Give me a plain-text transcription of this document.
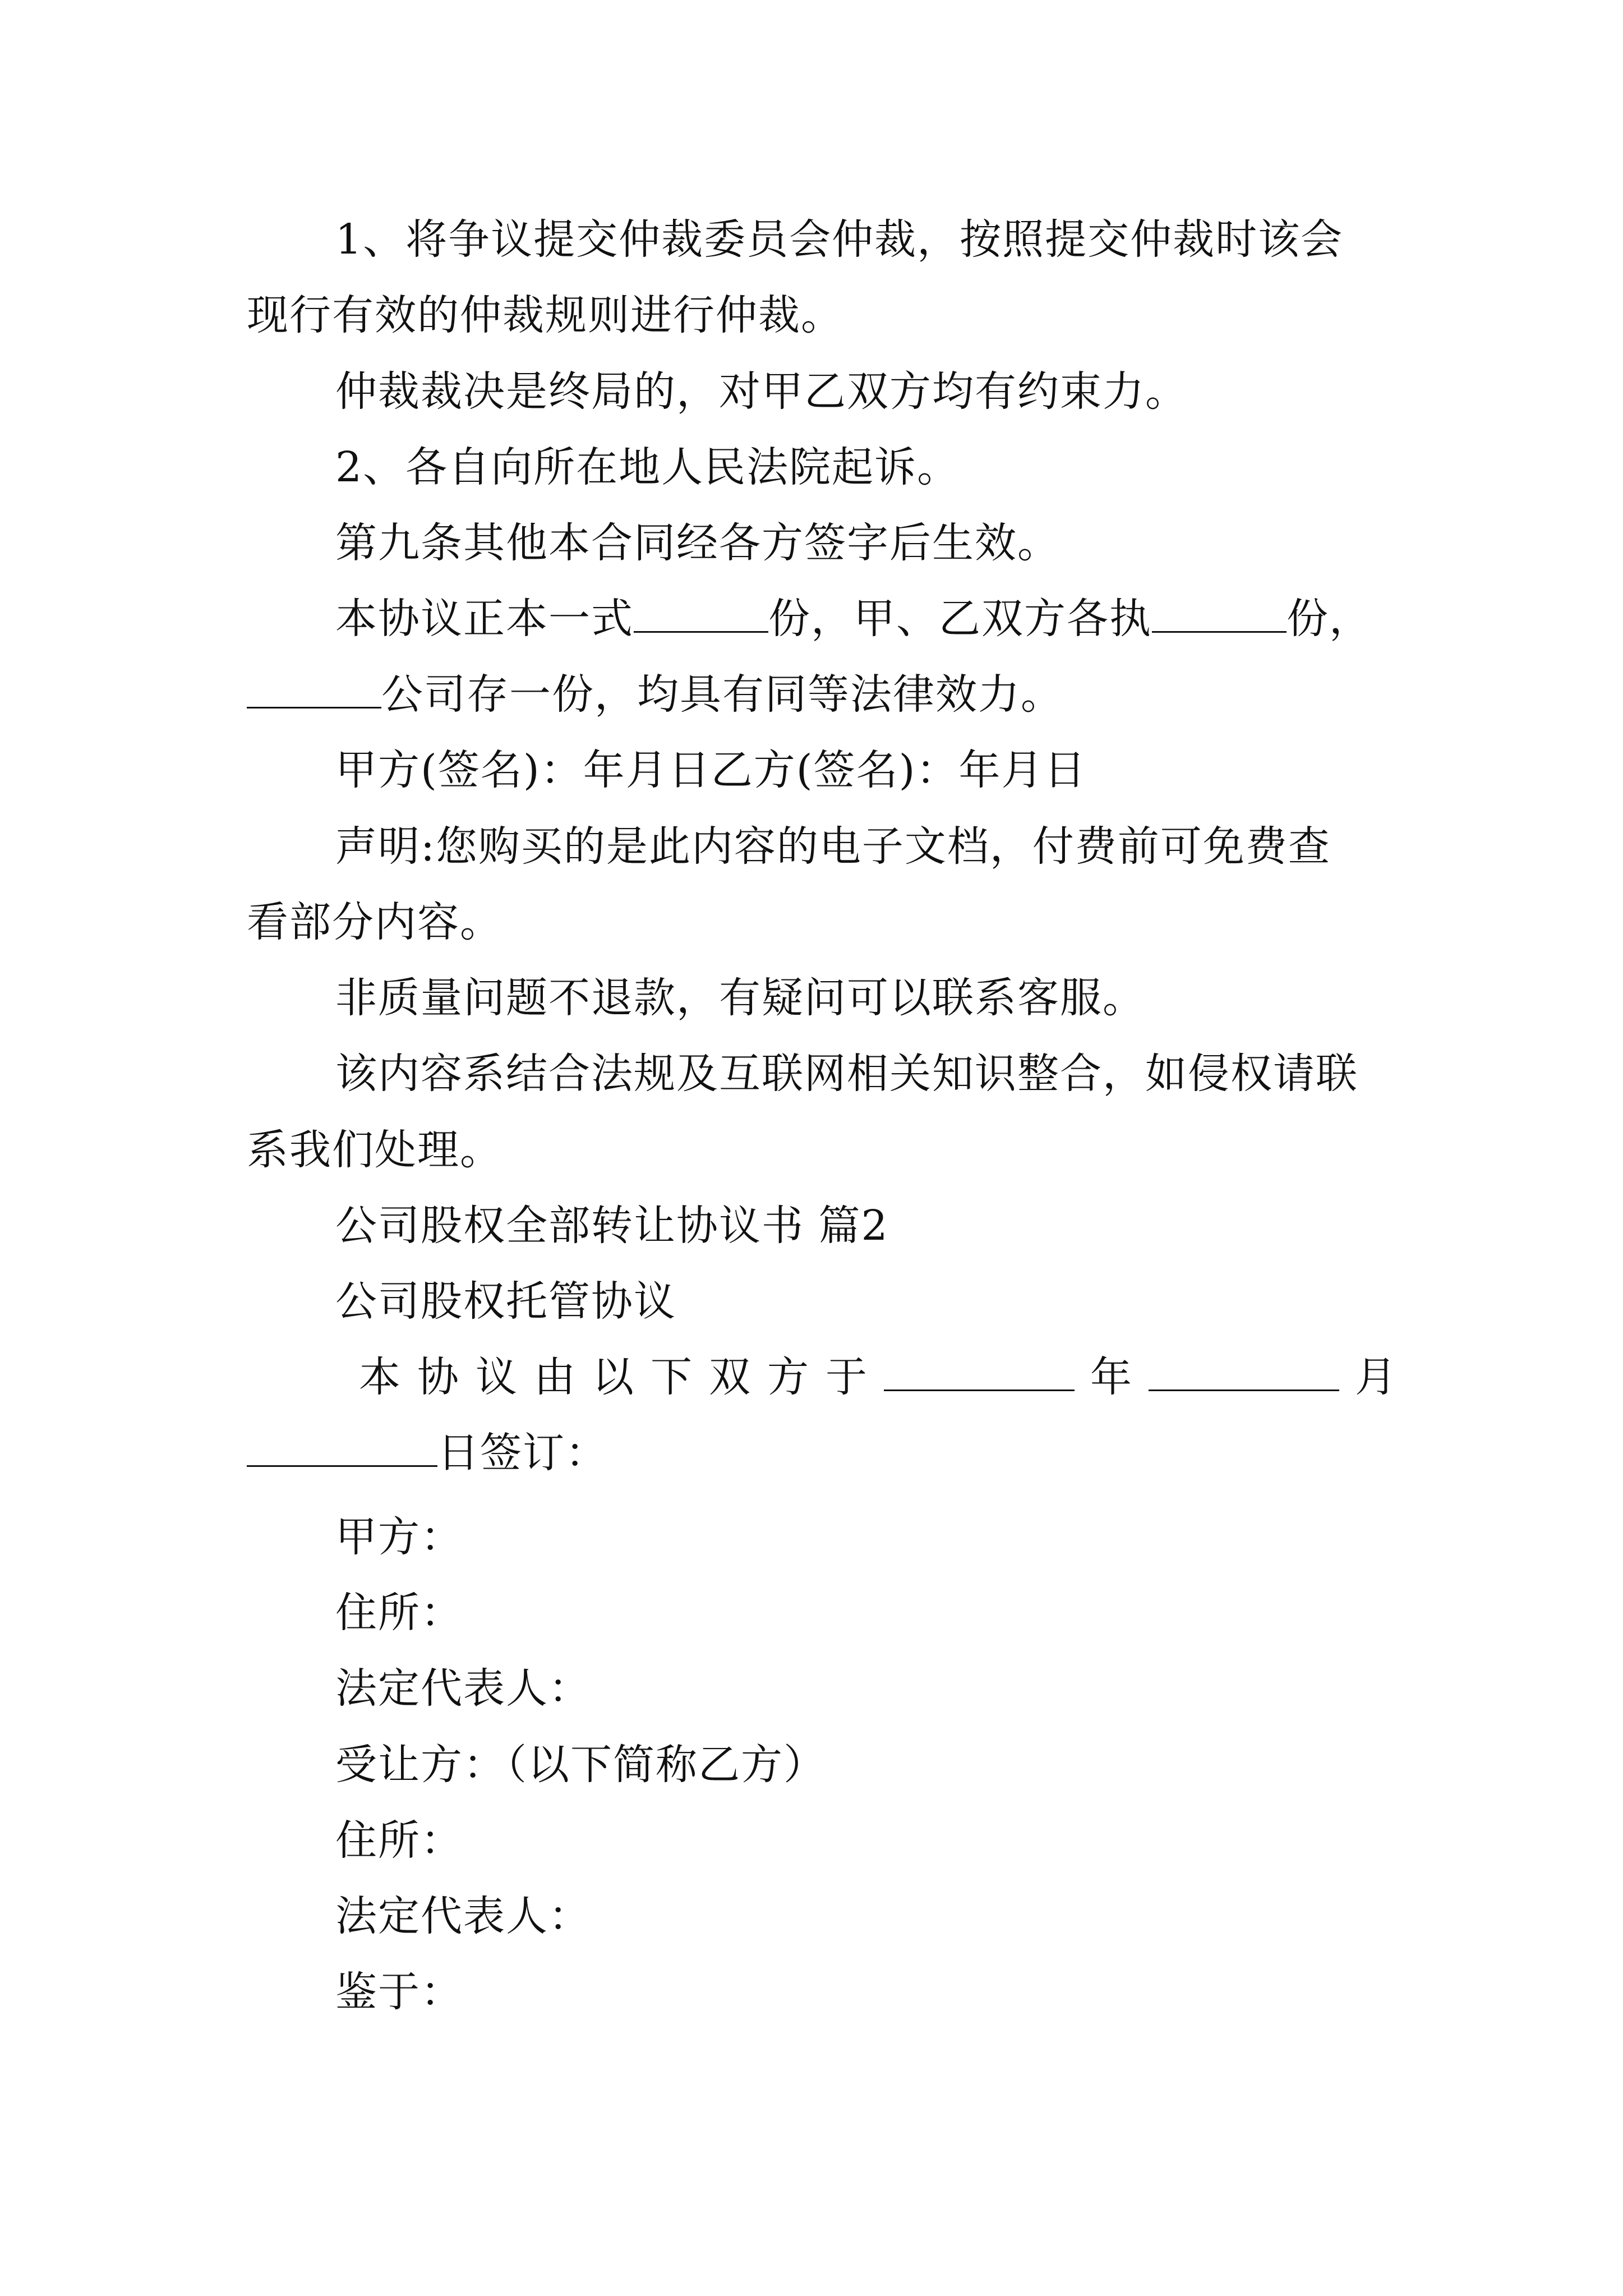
1、将争议提交仲裁委员会仲裁，按照提交仲裁时该会
现行有效的仲裁规则进行仲裁。
仲裁裁决是终局的，对甲乙双方均有约束力。
2、各自向所在地人民法院起诉。
第九条其他本合同经各方签字后生效。
本协议正本一式	份，甲、乙双方各执	份，
公司存一份，均具有同等法律效力。
甲方(签名)：年月日乙方(签名)：年月日
声明:您购买的是此内容的电子文档，付费前可免费查
看部分内容。
非质量问题不退款，有疑问可以联系客服。
该内容系结合法规及互联网相关知识整合，如侵权请联
系我们处理。
公司股权全部转让协议书 篇2
公司股权托管协议
本协议由以下双方于	年	月
日签订：
甲方：
住所：
法定代表人：
受让方：（以下简称乙方）
住所：
法定代表人：
鉴于：
